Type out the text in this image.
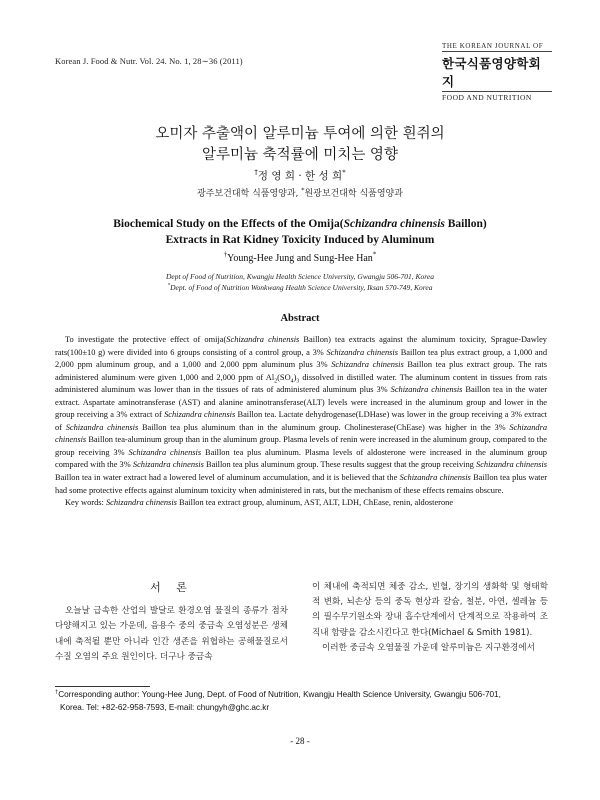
Korean J. Food & Nutr. Vol. 24. No. 1, 28∼36 (2011)
THE KOREAN JOURNAL OF
한국식품영양학회지
FOOD AND NUTRITION
오미자 추출액이 알루미늄 투여에 의한 흰쥐의
알루미늄 축적률에 미치는 영향
†정 영 희 · 한 성 희*
광주보건대학 식품영양과, *원광보건대학 식품영양과
Biochemical Study on the Effects of the Omija(Schizandra chinensis Baillon)
Extracts in Rat Kidney Toxicity Induced by Aluminum
†Young-Hee Jung and Sung-Hee Han*
Dept of Food of Nutrition, Kwangju Health Science University, Gwangju 506-701, Korea
*Dept. of Food of Nutrition Wonkwang Health Science University, Iksan 570-749, Korea
Abstract

To investigate the protective effect of omija(Schizandra chinensis Baillon) tea extracts against the aluminum toxicity, Sprague-Dawley rats(100±10 g) were divided into 6 groups consisting of a control group, a 3% Schizandra chinensis Baillon tea plus extract group, a 1,000 and 2,000 ppm aluminum group, and a 1,000 and 2,000 ppm aluminum plus 3% Schizandra chinensis Baillon tea plus extract group. The rats administered aluminum were given 1,000 and 2,000 ppm of $Al_2(SO_4)_3$ dissolved in distilled water. The aluminum content in tissues from rats administered aluminum was lower than in the tissues of rats of administered aluminum plus 3% Schizandra chinensis Baillon tea in the water extract. Aspartate aminotransferase (AST) and alanine aminotransferase(ALT) levels were increased in the aluminum group and lower in the group receiving a 3% extract of Schizandra chinensis Baillon tea. Lactate dehydrogenase(LDHase) was lower in the group receiving a 3% extract of Schizandra chinensis Baillon tea plus aluminum than in the aluminum group. Cholinesterase(ChEase) was higher in the 3% Schizandra chinensis Baillon tea-aluminum group than in the aluminum group. Plasma levels of renin were increased in the aluminum group, compared to the group receiving 3% Schizandra chinensis Baillon tea plus aluminum. Plasma levels of aldosterone were increased in the aluminum group compared with the 3% Schizandra chinensis Baillon tea plus aluminum group. These results suggest that the group receiving Schizandra chinensis Baillon tea in water extract had a lowered level of aluminum accumulation, and it is believed that the Schizandra chinensis Baillon tea plus water had some protective effects against aluminum toxicity when administered in rats, but the mechanism of these effects remains obscure.

Key words: Schizandra chinensis Baillon tea extract group, aluminum, AST, ALT, LDH, ChEase, renin, aldosterone

서 론

오늘날 급속한 산업의 발달로 환경오염 물질의 종류가 점차 다양해지고 있는 가운데, 음용수 중의 중금속 오염성분은 생체내에 축적될 뿐만 아니라 인간 생존을 위협하는 공해물질로서 수질 오염의 주요 원인이다. 더구나 중금속

이 체내에 축적되면 체중 감소, 빈혈, 장기의 생화학 및 형태학적 변화, 뇌손상 등의 중독 현상과 칼슘, 철분, 아연, 셀레늄 등의 필수무기원소와 장내 흡수단계에서 단계적으로 작용하여 조직내 함량을 감소시킨다고 한다(Michael & Smith 1981).

이러한 중금속 오염물질 가운데 알루미늄은 지구환경에서

†Corresponding author: Young-Hee Jung, Dept. of Food of Nutrition, Kwangju Health Science University, Gwangju 506-701,
Korea. Tel: +82-62-958-7593, E-mail: chungyh@ghc.ac.kr
- 28 -
